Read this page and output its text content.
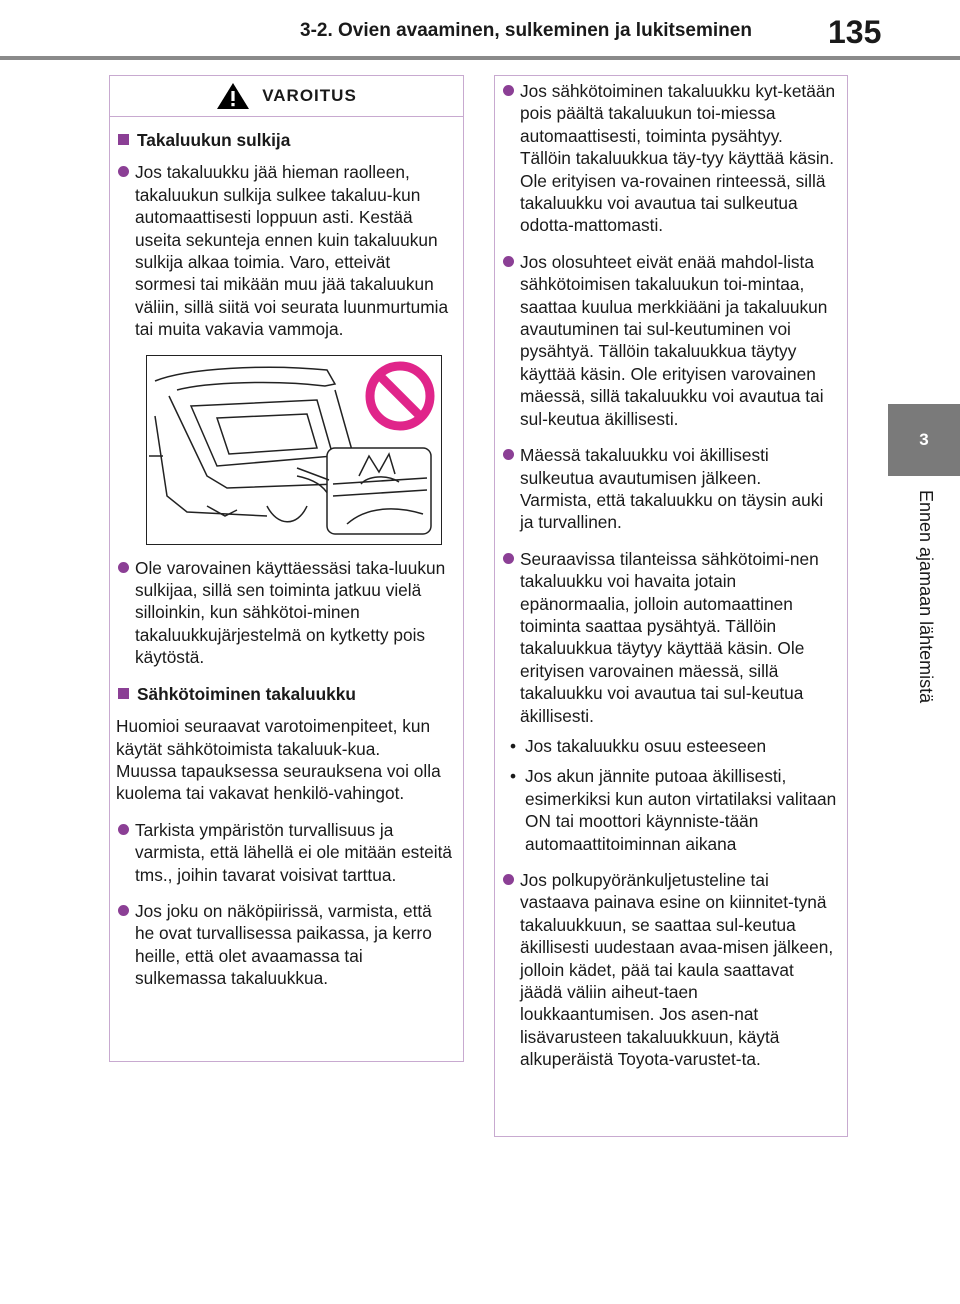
3-2. Ovien avaaminen, sulkeminen ja lukitseminen 135
3
Ennen ajamaan lähtemistä
VAROITUS
Takaluukun sulkija
Jos takaluukku jää hieman raolleen, takaluukun sulkija sulkee takaluu-kun automaattisesti loppuun asti. Kestää useita sekunteja ennen kuin takaluukun sulkija alkaa toimia. Varo, etteivät sormesi tai mikään muu jää takaluukun väliin, sillä siitä voi seurata luunmurtumia tai muita vakavia vammoja.
Ole varovainen käyttäessäsi taka-luukun sulkijaa, sillä sen toiminta jatkuu vielä silloinkin, kun sähkötoi-minen takaluukkujärjestelmä on kytketty pois käytöstä.
Sähkötoiminen takaluukku
Huomioi seuraavat varotoimenpiteet, kun käytät sähkötoimista takaluuk-kua.
Muussa tapauksessa seurauksena voi olla kuolema tai vakavat henkilö-vahingot.
Tarkista ympäristön turvallisuus ja varmista, että lähellä ei ole mitään esteitä tms., joihin tavarat voisivat tarttua.
Jos joku on näköpiirissä, varmista, että he ovat turvallisessa paikassa, ja kerro heille, että olet avaamassa tai sulkemassa takaluukkua.
Jos sähkötoiminen takaluukku kyt-ketään pois päältä takaluukun toi-miessa automaattisesti, toiminta pysähtyy. Tällöin takaluukkua täy-tyy käyttää käsin. Ole erityisen va-rovainen rinteessä, sillä takaluukku voi avautua tai sulkeutua odotta-mattomasti.
Jos olosuhteet eivät enää mahdol-lista sähkötoimisen takaluukun toi-mintaa, saattaa kuulua merkkiääni ja takaluukun avautuminen tai sul-keutuminen voi pysähtyä. Tällöin takaluukkua täytyy käyttää käsin. Ole erityisen varovainen mäessä, sillä takaluukku voi avautua tai sul-keutua äkillisesti.
Mäessä takaluukku voi äkillisesti sulkeutua avautumisen jälkeen. Varmista, että takaluukku on täysin auki ja turvallinen.
Seuraavissa tilanteissa sähkötoimi-nen takaluukku voi havaita jotain epänormaalia, jolloin automaattinen toiminta saattaa pysähtyä. Tällöin takaluukkua täytyy käyttää käsin. Ole erityisen varovainen mäessä, sillä takaluukku voi avautua tai sul-keutua äkillisesti.
• Jos takaluukku osuu esteeseen
• Jos akun jännite putoaa äkillisesti, esimerkiksi kun auton virtatilaksi valitaan ON tai moottori käynniste-tään automaattitoiminnan aikana
Jos polkupyöränkuljetusteline tai vastaava painava esine on kiinnitet-tynä takaluukkuun, se saattaa sul-keutua äkillisesti uudestaan avaa-misen jälkeen, jolloin kädet, pää tai kaula saattavat jäädä väliin aiheut-taen loukkaantumisen. Jos asen-nat lisävarusteen takaluukkuun, käytä alkuperäistä Toyota-varustet-ta.
